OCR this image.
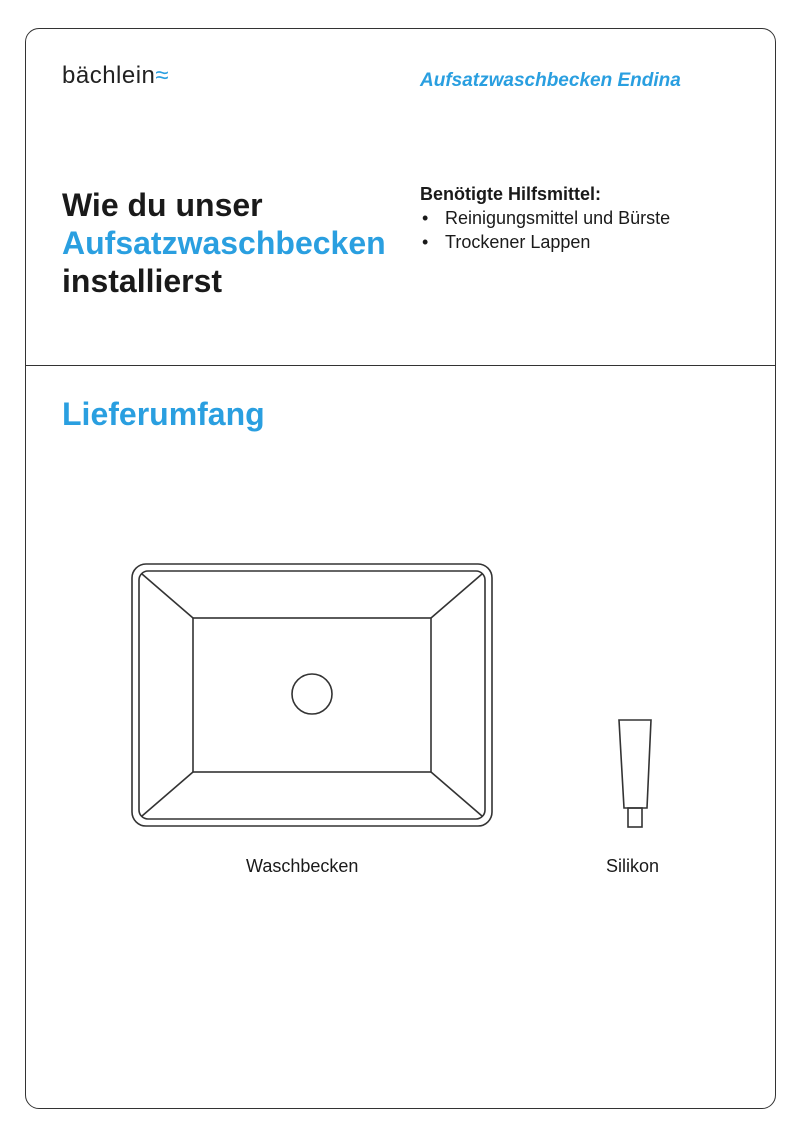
bächlein≈	Aufsatzwaschbecken Endina
Wie du unser
Aufsatzwaschbecken
installierst
Benötigte Hilfsmittel:
• Reinigungsmittel und Bürste
• Trockener Lappen
Lieferumfang
Waschbecken	Silikon
